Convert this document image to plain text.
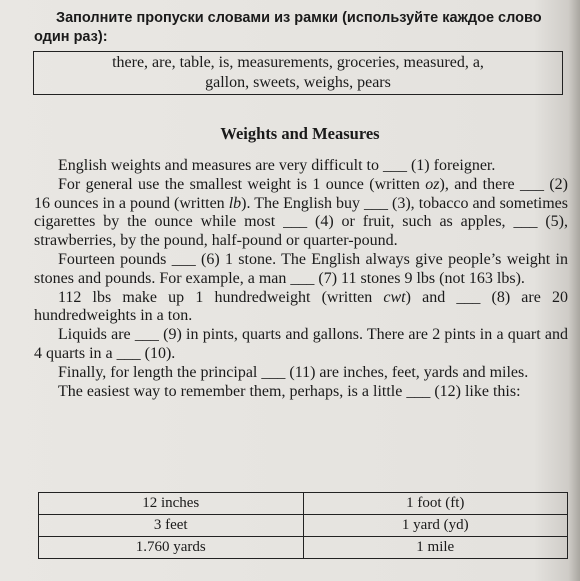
Заполните пропуски словами из рамки (используйте каждое слово один раз):
there, are, table, is, measurements, groceries, measured, a,
gallon, sweets, weighs, pears
Weights and Measures

English weights and measures are very difficult to ___ (1) foreigner.

For general use the smallest weight is 1 ounce (written oz), and there ___ (2) 16 ounces in a pound (written lb). The English buy ___ (3), tobacco and sometimes cigarettes by the ounce while most ___ (4) or fruit, such as apples, ___ (5), strawberries, by the pound, half-pound or quarter-pound.

Fourteen pounds ___ (6) 1 stone. The English always give people’s weight in stones and pounds. For example, a man ___ (7) 11 stones 9 lbs (not 163 lbs).

112 lbs make up 1 hundredweight (written cwt) and ___ (8) are 20 hundredweights in a ton.

Liquids are ___ (9) in pints, quarts and gallons. There are 2 pints in a quart and 4 quarts in a ___ (10).

Finally, for length the principal ___ (11) are inches, feet, yards and miles.

The easiest way to remember them, perhaps, is a little ___ (12) like this:

12 inches	1 foot (ft)
3 feet	1 yard (yd)
1.760 yards	1 mile
